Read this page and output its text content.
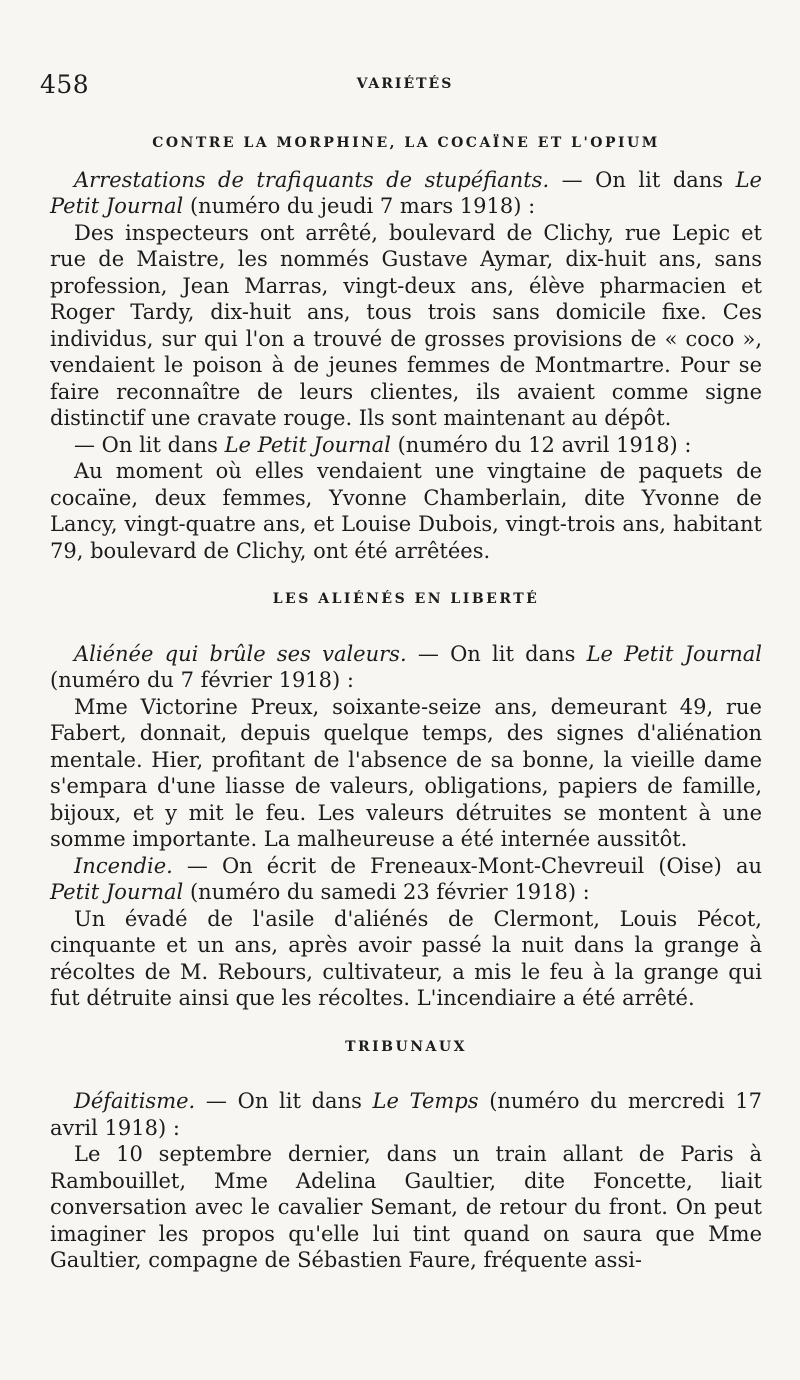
458	VARIÉTÉS
CONTRE LA MORPHINE, LA COCAÏNE ET L'OPIUM

Arrestations de trafiquants de stupéfiants. — On lit dans Le Petit Journal (numéro du jeudi 7 mars 1918) :

Des inspecteurs ont arrêté, boulevard de Clichy, rue Lepic et rue de Maistre, les nommés Gustave Aymar, dix-huit ans, sans profession, Jean Marras, vingt-deux ans, élève pharmacien et Roger Tardy, dix-huit ans, tous trois sans domicile fixe. Ces individus, sur qui l'on a trouvé de grosses provisions de « coco », vendaient le poison à de jeunes femmes de Montmartre. Pour se faire reconnaître de leurs clientes, ils avaient comme signe distinctif une cravate rouge. Ils sont maintenant au dépôt.

— On lit dans Le Petit Journal (numéro du 12 avril 1918) :

Au moment où elles vendaient une vingtaine de paquets de cocaïne, deux femmes, Yvonne Chamberlain, dite Yvonne de Lancy, vingt-quatre ans, et Louise Dubois, vingt-trois ans, habitant 79, boulevard de Clichy, ont été arrêtées.

LES ALIÉNÉS EN LIBERTÉ

Aliénée qui brûle ses valeurs. — On lit dans Le Petit Journal (numéro du 7 février 1918) :

Mme Victorine Preux, soixante-seize ans, demeurant 49, rue Fabert, donnait, depuis quelque temps, des signes d'aliénation mentale. Hier, profitant de l'absence de sa bonne, la vieille dame s'empara d'une liasse de valeurs, obligations, papiers de famille, bijoux, et y mit le feu. Les valeurs détruites se montent à une somme importante. La malheureuse a été internée aussitôt.

Incendie. — On écrit de Freneaux-Mont-Chevreuil (Oise) au Petit Journal (numéro du samedi 23 février 1918) :

Un évadé de l'asile d'aliénés de Clermont, Louis Pécot, cinquante et un ans, après avoir passé la nuit dans la grange à récoltes de M. Rebours, cultivateur, a mis le feu à la grange qui fut détruite ainsi que les récoltes. L'incendiaire a été arrêté.

TRIBUNAUX

Défaitisme. — On lit dans Le Temps (numéro du mercredi 17 avril 1918) :

Le 10 septembre dernier, dans un train allant de Paris à Rambouillet, Mme Adelina Gaultier, dite Foncette, liait conversation avec le cavalier Semant, de retour du front. On peut imaginer les propos qu'elle lui tint quand on saura que Mme Gaultier, compagne de Sébastien Faure, fréquente assi-
